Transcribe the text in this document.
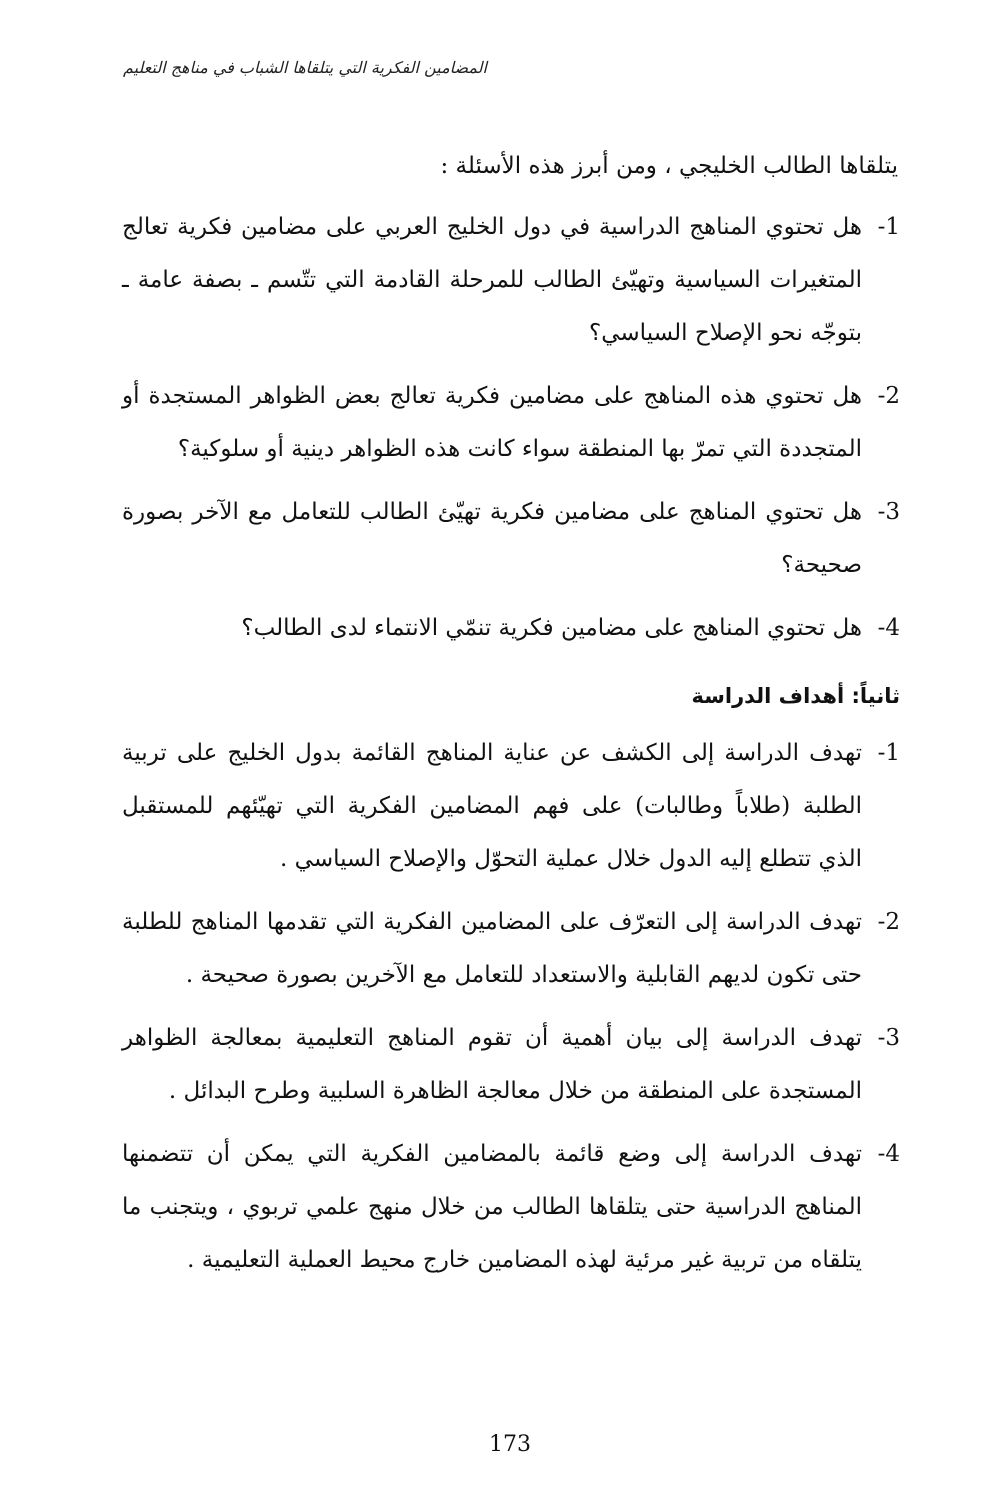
المضامين الفكرية التي يتلقاها الشباب في مناهج التعليم

يتلقاها الطالب الخليجي ، ومن أبرز هذه الأسئلة :

1-
هل تحتوي المناهج الدراسية في دول الخليج العربي على مضامين فكرية تعالج المتغيرات السياسية وتهيّئ الطالب للمرحلة القادمة التي تتّسم ـ بصفة عامة ـ بتوجّه نحو الإصلاح السياسي؟
2-
هل تحتوي هذه المناهج على مضامين فكرية تعالج بعض الظواهر المستجدة أو المتجددة التي تمرّ بها المنطقة سواء كانت هذه الظواهر دينية أو سلوكية؟
3-
هل تحتوي المناهج على مضامين فكرية تهيّئ الطالب للتعامل مع الآخر بصورة صحيحة؟
4-
هل تحتوي المناهج على مضامين فكرية تنمّي الانتماء لدى الطالب؟
ثانياً: أهداف الدراسة
1-
تهدف الدراسة إلى الكشف عن عناية المناهج القائمة بدول الخليج على تربية الطلبة (طلاباً وطالبات) على فهم المضامين الفكرية التي تهيّئهم للمستقبل الذي تتطلع إليه الدول خلال عملية التحوّل والإصلاح السياسي .
2-
تهدف الدراسة إلى التعرّف على المضامين الفكرية التي تقدمها المناهج للطلبة حتى تكون لديهم القابلية والاستعداد للتعامل مع الآخرين بصورة صحيحة .
3-
تهدف الدراسة إلى بيان أهمية أن تقوم المناهج التعليمية بمعالجة الظواهر المستجدة على المنطقة من خلال معالجة الظاهرة السلبية وطرح البدائل .
4-
تهدف الدراسة إلى وضع قائمة بالمضامين الفكرية التي يمكن أن تتضمنها المناهج الدراسية حتى يتلقاها الطالب من خلال منهج علمي تربوي ، ويتجنب ما يتلقاه من تربية غير مرئية لهذه المضامين خارج محيط العملية التعليمية .
173
